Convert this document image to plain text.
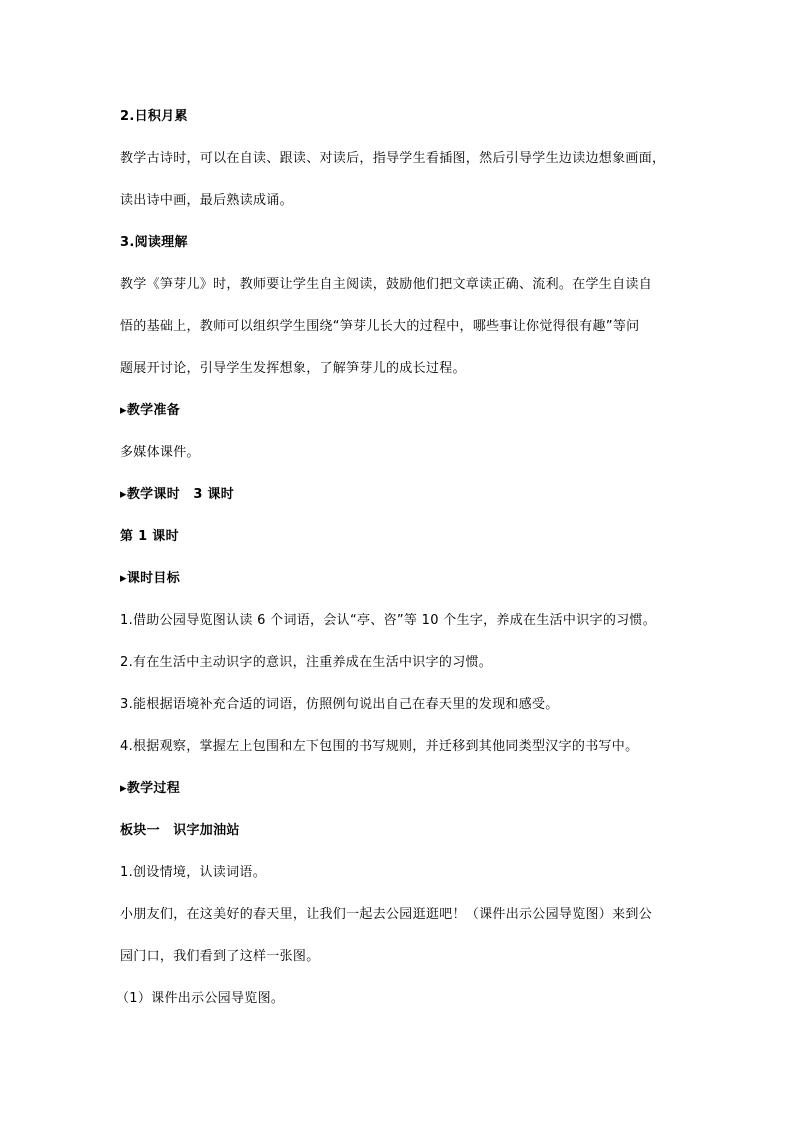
2.日积月累
教学古诗时，可以在自读、跟读、对读后，指导学生看插图，然后引导学生边读边想象画面，
读出诗中画，最后熟读成诵。
3.阅读理解
教学《笋芽儿》时，教师要让学生自主阅读，鼓励他们把文章读正确、流利。在学生自读自
悟的基础上，教师可以组织学生围绕“笋芽儿长大的过程中，哪些事让你觉得很有趣”等问
题展开讨论，引导学生发挥想象，了解笋芽儿的成长过程。
▸教学准备
多媒体课件。
▸教学课时　3 课时
第 1 课时
▸课时目标
1.借助公园导览图认读 6 个词语，会认“亭、咨”等 10 个生字，养成在生活中识字的习惯。
2.有在生活中主动识字的意识，注重养成在生活中识字的习惯。
3.能根据语境补充合适的词语，仿照例句说出自己在春天里的发现和感受。
4.根据观察，掌握左上包围和左下包围的书写规则，并迁移到其他同类型汉字的书写中。
▸教学过程
板块一　识字加油站
1.创设情境，认读词语。
小朋友们，在这美好的春天里，让我们一起去公园逛逛吧！（课件出示公园导览图）来到公
园门口，我们看到了这样一张图。
（1）课件出示公园导览图。
